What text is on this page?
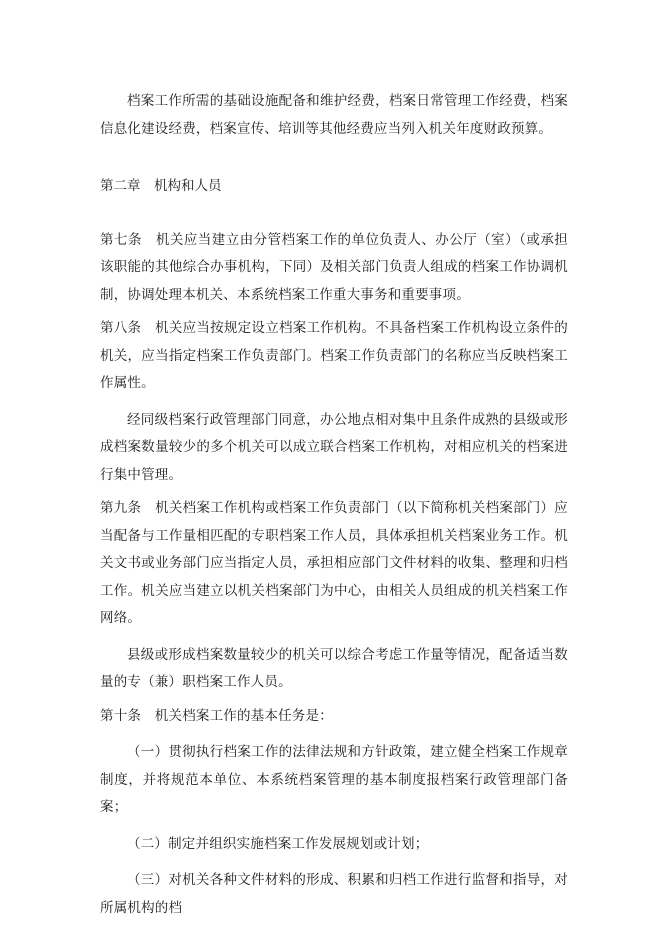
档案工作所需的基础设施配备和维护经费，档案日常管理工作经费，档案信息化建设经费，档案宣传、培训等其他经费应当列入机关年度财政预算。

第二章　机构和人员

第七条　机关应当建立由分管档案工作的单位负责人、办公厅（室）（或承担该职能的其他综合办事机构，下同）及相关部门负责人组成的档案工作协调机制，协调处理本机关、本系统档案工作重大事务和重要事项。

第八条　机关应当按规定设立档案工作机构。不具备档案工作机构设立条件的机关，应当指定档案工作负责部门。档案工作负责部门的名称应当反映档案工作属性。

经同级档案行政管理部门同意，办公地点相对集中且条件成熟的县级或形成档案数量较少的多个机关可以成立联合档案工作机构，对相应机关的档案进行集中管理。

第九条　机关档案工作机构或档案工作负责部门（以下简称机关档案部门）应当配备与工作量相匹配的专职档案工作人员，具体承担机关档案业务工作。机关文书或业务部门应当指定人员，承担相应部门文件材料的收集、整理和归档工作。机关应当建立以机关档案部门为中心，由相关人员组成的机关档案工作网络。

县级或形成档案数量较少的机关可以综合考虑工作量等情况，配备适当数量的专（兼）职档案工作人员。

第十条　机关档案工作的基本任务是：

（一）贯彻执行档案工作的法律法规和方针政策，建立健全档案工作规章制度，并将规范本单位、本系统档案管理的基本制度报档案行政管理部门备案；

（二）制定并组织实施档案工作发展规划或计划；

（三）对机关各种文件材料的形成、积累和归档工作进行监督和指导，对所属机构的档
